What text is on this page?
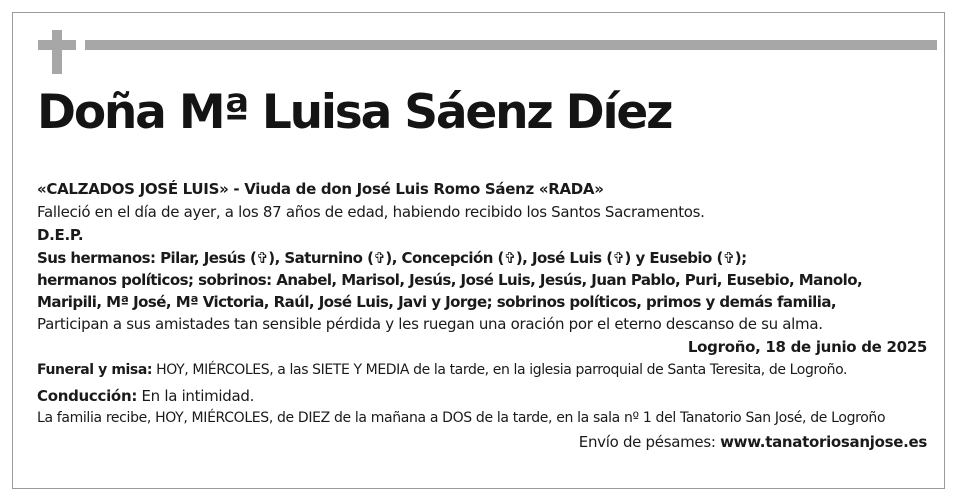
Doña Mª Luisa Sáenz Díez

«CALZADOS JOSÉ LUIS» - Viuda de don José Luis Romo Sáenz «RADA»

Falleció en el día de ayer, a los 87 años de edad, habiendo recibido los Santos Sacramentos.

D.E.P.

Sus hermanos: Pilar, Jesús (✞), Saturnino (✞), Concepción (✞), José Luis (✞) y Eusebio (✞);

hermanos políticos; sobrinos: Anabel, Marisol, Jesús, José Luis, Jesús, Juan Pablo, Puri, Eusebio, Manolo,

Maripili, Mª José, Mª Victoria, Raúl, José Luis, Javi y Jorge; sobrinos políticos, primos y demás familia,

Participan a sus amistades tan sensible pérdida y les ruegan una oración por el eterno descanso de su alma.

Logroño, 18 de junio de 2025

Funeral y misa: HOY, MIÉRCOLES, a las SIETE Y MEDIA de la tarde, en la iglesia parroquial de Santa Teresita, de Logroño.

Conducción: En la intimidad.

La familia recibe, HOY, MIÉRCOLES, de DIEZ de la mañana a DOS de la tarde, en la sala nº 1 del Tanatorio San José, de Logroño

Envío de pésames: www.tanatoriosanjose.es
